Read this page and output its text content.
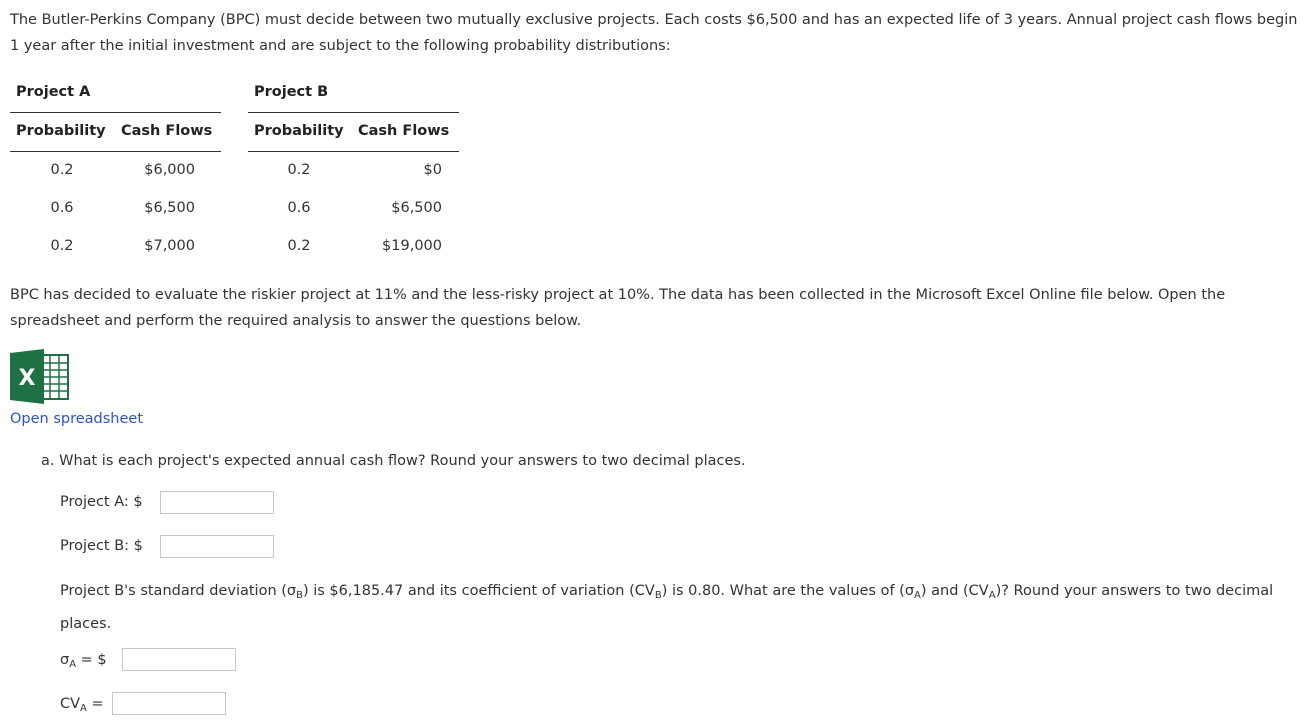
The Butler-Perkins Company (BPC) must decide between two mutually exclusive projects. Each costs $6,500 and has an expected life of 3 years. Annual project cash flows begin 1 year after the initial investment and are subject to the following probability distributions:

Project A
Probability Cash Flows
0.2	$6,000
0.6	$6,500
0.2	$7,000
Project B
Probability Cash Flows
0.2	$0
0.6	$6,500
0.2	$19,000

BPC has decided to evaluate the riskier project at 11% and the less-risky project at 10%. The data has been collected in the Microsoft Excel Online file below. Open the spreadsheet and perform the required analysis to answer the questions below.

X
Open spreadsheet
a. What is each project's expected annual cash flow? Round your answers to two decimal places.
Project A: $
Project B: $

Project B's standard deviation $(\sigma_B)$ is $6,185.47 and its coefficient of variation $(CV_B)$ is 0.80. What are the values of $(\sigma_A)$ and $(CV_A)$? Round your answers to two decimal places.

$\sigma_A$ = $
$CV_A$ =
